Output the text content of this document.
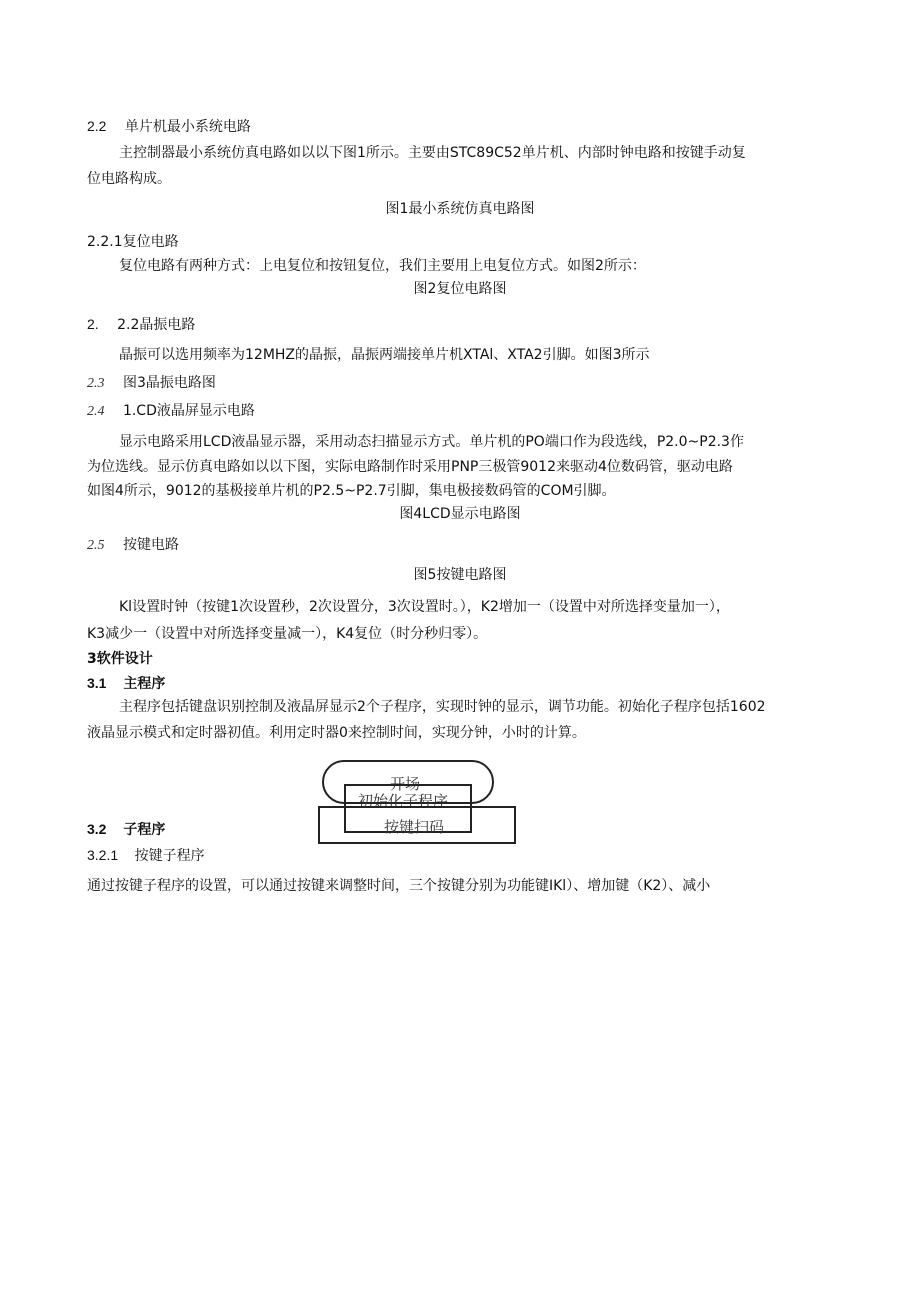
2.2 单片机最小系统电路
主控制器最小系统仿真电路如以以下图1所示。主要由STC89C52单片机、内部时钟电路和按键手动复
位电路构成。
图1最小系统仿真电路图
2.2.1复位电路
复位电路有两种方式：上电复位和按钮复位，我们主要用上电复位方式。如图2所示：
图2复位电路图
2. 2.2晶振电路
晶振可以选用频率为12MHZ的晶振，晶振两端接单片机XTAl、XTA2引脚。如图3所示
2.3 图3晶振电路图
2.4 1.CD液晶屏显示电路
显示电路采用LCD液晶显示器，采用动态扫描显示方式。单片机的PO端口作为段选线，P2.0~P2.3作
为位选线。显示仿真电路如以以下图，实际电路制作时采用PNP三极管9012来驱动4位数码管，驱动电路
如图4所示，9012的基极接单片机的P2.5~P2.7引脚，集电极接数码管的COM引脚。
图4LCD显示电路图
2.5 按键电路
图5按键电路图
Kl设置时钟（按键1次设置秒，2次设置分，3次设置时。），K2增加一（设置中对所选择变量加一），
K3减少一（设置中对所选择变量减一），K4复位（时分秒归零）。
3软件设计
3.1 主程序
主程序包括键盘识别控制及液晶屏显示2个子程序，实现时钟的显示，调节功能。初始化子程序包括1602
液晶显示模式和定时器初值。利用定时器0来控制时间，实现分钟，小时的计算。
开场
初始化子程序
按键扫码
3.2 子程序
3.2.1 按键子程序
通过按键子程序的设置，可以通过按键来调整时间，三个按键分别为功能键IKl）、增加键（K2）、减小
